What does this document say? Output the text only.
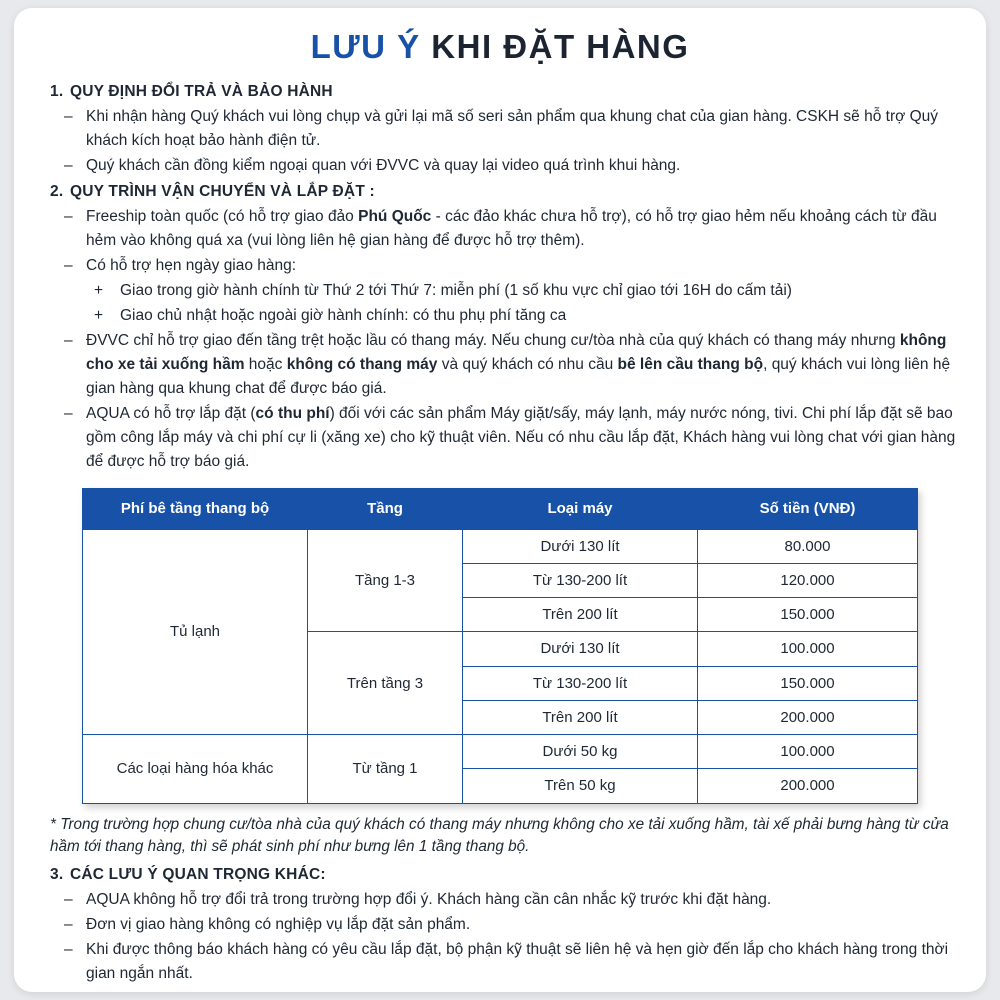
LƯU Ý KHI ĐẶT HÀNG
1. QUY ĐỊNH ĐỔI TRẢ VÀ BẢO HÀNH
– Khi nhận hàng Quý khách vui lòng chụp và gửi lại mã số seri sản phẩm qua khung chat của gian hàng. CSKH sẽ hỗ trợ Quý khách kích hoạt bảo hành điện tử.
– Quý khách cần đồng kiểm ngoại quan với ĐVVC và quay lại video quá trình khui hàng.
2. QUY TRÌNH VẬN CHUYỂN VÀ LẮP ĐẶT :
– Freeship toàn quốc (có hỗ trợ giao đảo Phú Quốc - các đảo khác chưa hỗ trợ), có hỗ trợ giao hẻm nếu khoảng cách từ đầu hẻm vào không quá xa (vui lòng liên hệ gian hàng để được hỗ trợ thêm).
– Có hỗ trợ hẹn ngày giao hàng:
+	Giao trong giờ hành chính từ Thứ 2 tới Thứ 7: miễn phí (1 số khu vực chỉ giao tới 16H do cấm tải)
+	Giao chủ nhật hoặc ngoài giờ hành chính: có thu phụ phí tăng ca
– ĐVVC chỉ hỗ trợ giao đến tầng trệt hoặc lầu có thang máy. Nếu chung cư/tòa nhà của quý khách có thang máy nhưng không cho xe tải xuống hầm hoặc không có thang máy và quý khách có nhu cầu bê lên cầu thang bộ, quý khách vui lòng liên hệ gian hàng qua khung chat để được báo giá.
– AQUA có hỗ trợ lắp đặt (có thu phí) đối với các sản phẩm Máy giặt/sấy, máy lạnh, máy nước nóng, tivi. Chi phí lắp đặt sẽ bao gồm công lắp máy và chi phí cự li (xăng xe) cho kỹ thuật viên. Nếu có nhu cầu lắp đặt, Khách hàng vui lòng chat với gian hàng để được hỗ trợ báo giá.
Phí bê tầng thang bộ	Tầng	Loại máy	Số tiền (VNĐ)
Tủ lạnh	Tầng 1-3	Dưới 130 lít	80.000
		Từ 130-200 lít	120.000
		Trên 200 lít	150.000
	Trên tầng 3	Dưới 130 lít	100.000
		Từ 130-200 lít	150.000
		Trên 200 lít	200.000
Các loại hàng hóa khác	Từ tầng 1	Dưới 50 kg	100.000
		Trên 50 kg	200.000
* Trong trường hợp chung cư/tòa nhà của quý khách có thang máy nhưng không cho xe tải xuống hầm, tài xế phải bưng hàng từ cửa hầm tới thang hàng, thì sẽ phát sinh phí như bưng lên 1 tầng thang bộ.
3. CÁC LƯU Ý QUAN TRỌNG KHÁC:
– AQUA không hỗ trợ đổi trả trong trường hợp đổi ý. Khách hàng cần cân nhắc kỹ trước khi đặt hàng.
– Đơn vị giao hàng không có nghiệp vụ lắp đặt sản phẩm.
– Khi được thông báo khách hàng có yêu cầu lắp đặt, bộ phận kỹ thuật sẽ liên hệ và hẹn giờ đến lắp cho khách hàng trong thời gian ngắn nhất.
